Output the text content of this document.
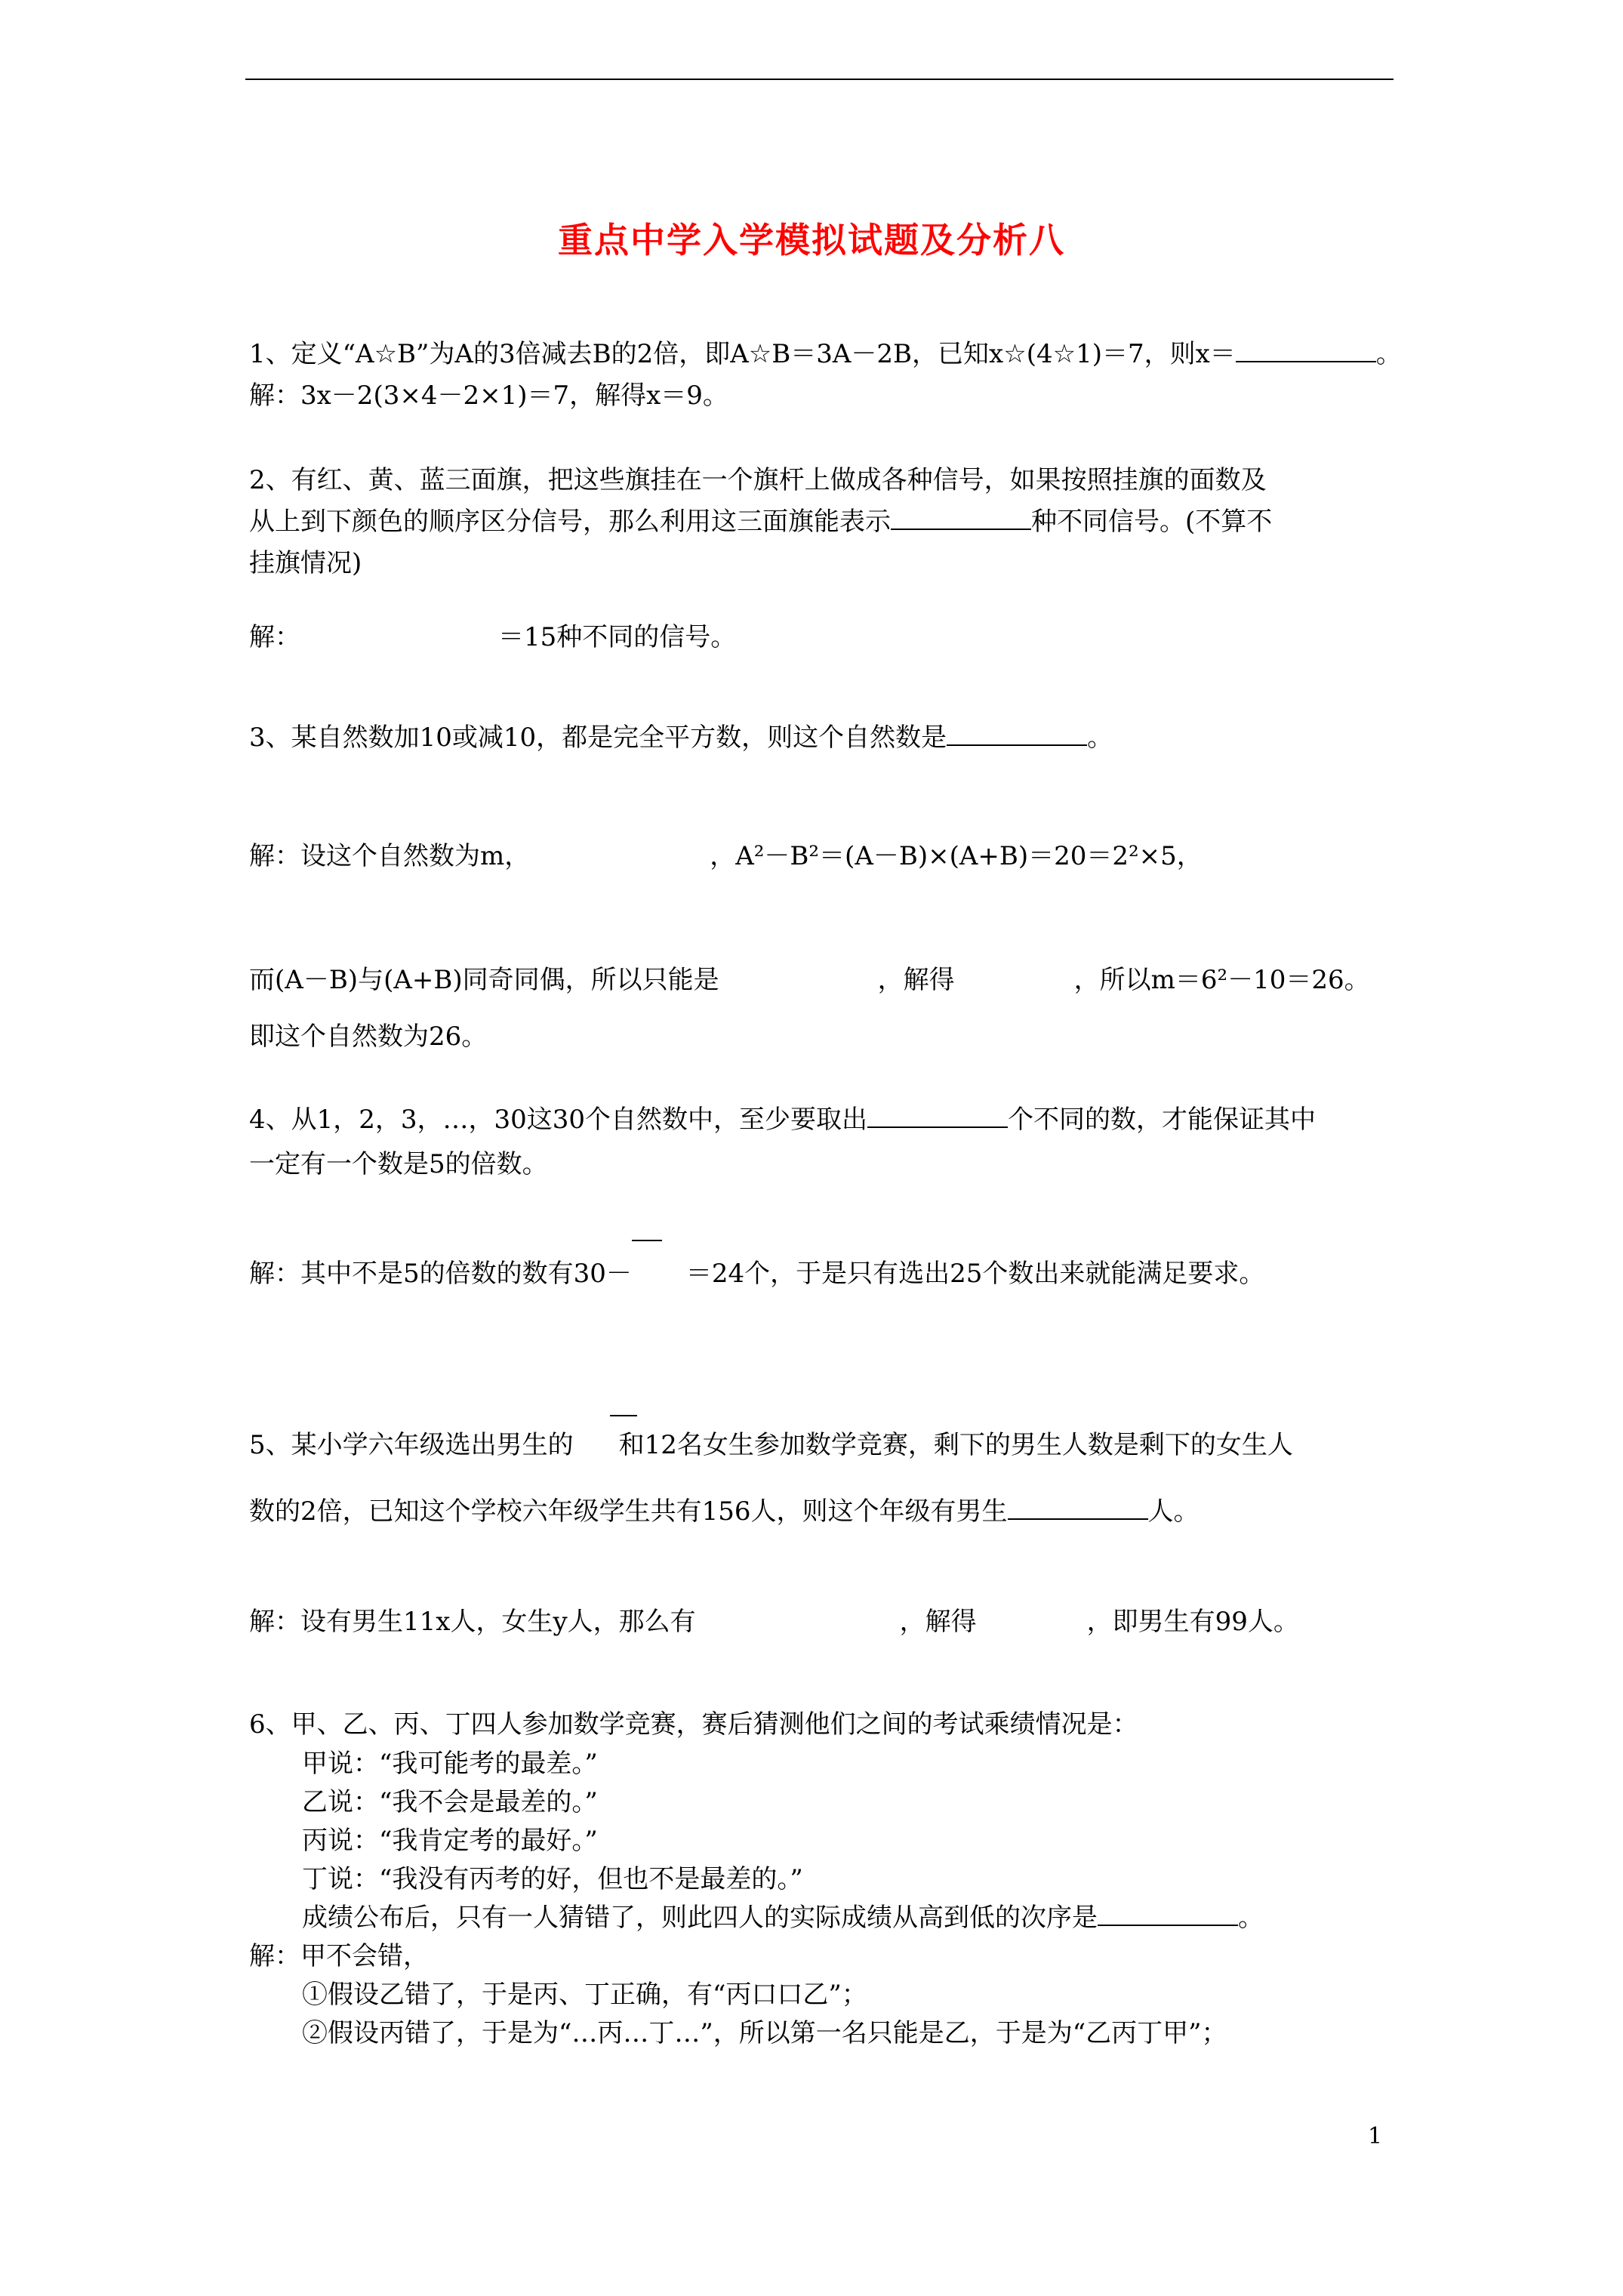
重点中学入学模拟试题及分析八
1、定义“A☆B”为A的3倍减去B的2倍，即A☆B＝3A－2B，已知x☆(4☆1)＝7，则x＝	。
解：3x－2(3×4－2×1)＝7，解得x＝9。
2、有红、黄、蓝三面旗，把这些旗挂在一个旗杆上做成各种信号，如果按照挂旗的面数及
从上到下颜色的顺序区分信号，那么利用这三面旗能表示	种不同信号。(不算不
挂旗情况)
解：	＝15种不同的信号。
3、某自然数加10或减10，都是完全平方数，则这个自然数是	。
解：设这个自然数为m，	，A²－B²＝(A－B)×(A+B)＝20＝2²×5，
而(A－B)与(A+B)同奇同偶，所以只能是	，解得	，所以m＝6²－10＝26。
即这个自然数为26。
4、从1，2，3，…，30这30个自然数中，至少要取出	个不同的数，才能保证其中
一定有一个数是5的倍数。
解：其中不是5的倍数的数有30－ ＝24个，于是只有选出25个数出来就能满足要求。
5、某小学六年级选出男生的 和12名女生参加数学竞赛，剩下的男生人数是剩下的女生人
数的2倍，已知这个学校六年级学生共有156人，则这个年级有男生	人。
解：设有男生11x人，女生y人，那么有	，解得	，即男生有99人。
6、甲、乙、丙、丁四人参加数学竞赛，赛后猜测他们之间的考试乘绩情况是：
甲说：“我可能考的最差。”
乙说：“我不会是最差的。”
丙说：“我肯定考的最好。”
丁说：“我没有丙考的好，但也不是最差的。”
成绩公布后，只有一人猜错了，则此四人的实际成绩从高到低的次序是	。
解：甲不会错，
①假设乙错了，于是丙、丁正确，有“丙口口乙”；
②假设丙错了，于是为“…丙…丁…”，所以第一名只能是乙，于是为“乙丙丁甲”；
1
